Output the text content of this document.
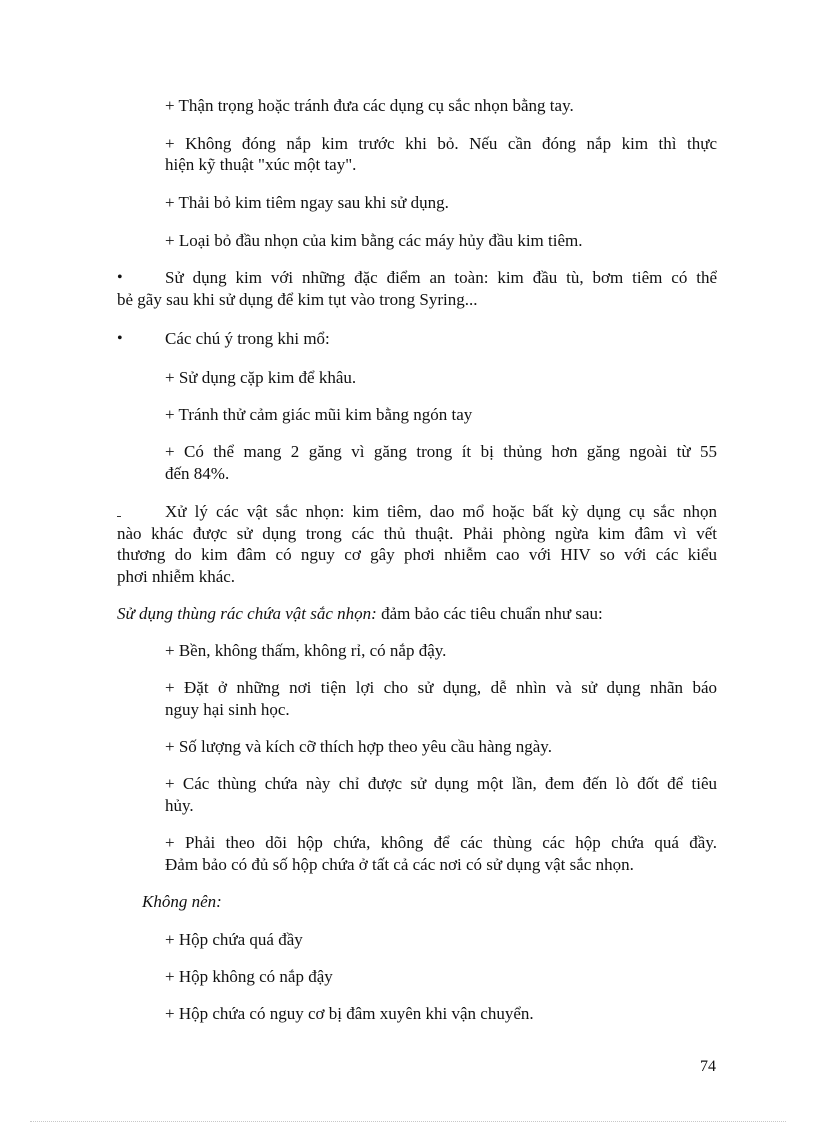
+ Thận trọng hoặc tránh đưa các dụng cụ sắc nhọn bằng tay.
+ Không đóng nắp kim trước khi bỏ. Nếu cần đóng nắp kim thì thực
hiện kỹ thuật "xúc một tay".
+ Thải bỏ kim tiêm ngay sau khi sử dụng.
+ Loại bỏ đầu nhọn của kim bằng các máy hủy đầu kim tiêm.
• Sử dụng kim với những đặc điểm an toàn: kim đầu tù, bơm tiêm có thể
bẻ gãy sau khi sử dụng để kim tụt vào trong Syring...
• Các chú ý trong khi mổ:
+ Sử dụng cặp kim để khâu.
+ Tránh thử cảm giác mũi kim bằng ngón tay
+ Có thể mang 2 găng vì găng trong ít bị thủng hơn găng ngoài từ 55
đến 84%.
Xử lý các vật sắc nhọn: kim tiêm, dao mổ hoặc bất kỳ dụng cụ sắc nhọn
nào khác được sử dụng trong các thủ thuật. Phải phòng ngừa kim đâm vì vết
thương do kim đâm có nguy cơ gây phơi nhiễm cao với HIV so với các kiểu
phơi nhiễm khác.
Sử dụng thùng rác chứa vật sắc nhọn: đảm bảo các tiêu chuẩn như sau:
+ Bền, không thấm, không rỉ, có nắp đậy.
+ Đặt ở những nơi tiện lợi cho sử dụng, dễ nhìn và sử dụng nhãn báo
nguy hại sinh học.
+ Số lượng và kích cỡ thích hợp theo yêu cầu hàng ngày.
+ Các thùng chứa này chỉ được sử dụng một lần, đem đến lò đốt để tiêu
hủy.
+ Phải theo dõi hộp chứa, không để các thùng các hộp chứa quá đầy.
Đảm bảo có đủ số hộp chứa ở tất cả các nơi có sử dụng vật sắc nhọn.
Không nên:
+ Hộp chứa quá đầy
+ Hộp không có nắp đậy
+ Hộp chứa có nguy cơ bị đâm xuyên khi vận chuyển.
74
